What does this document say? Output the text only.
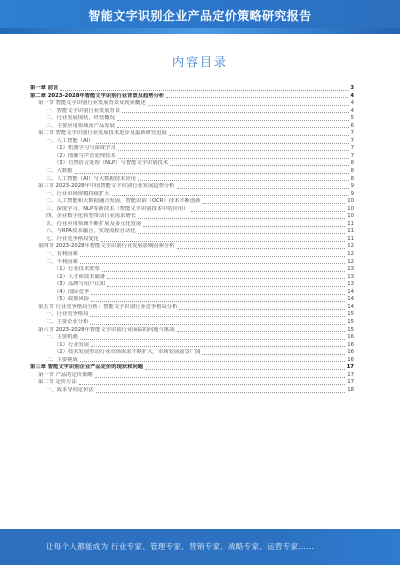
智能文字识别企业产品定价策略研究报告
内容目录
第一章 前言	3
第二章 2023-2028年智能文字识别行业背景及趋势分析	4
第一节 智能文字识别行业发展背景及现状概述	4
一、智能文字识别行业发展背景	4
二、行业发展现状、经营概况	5
三、主要应用领域及产品发展	6
第二节 智能文字识别行业发展技术进步及最新研究进展	7
一、人工智能（AI）	7
（1）机器学习与深度学习	7
（2）图像与声音处理技术	7
（3）自然语言处理（NLP）与智能文字识别技术	8
二、大数据	8
三、人工智能（AI）与大数据技术应用	8
第三节 2023-2028年中国智能文字识别行业发展趋势分析	9
一、行业市场规模持续扩大	9
二、人工智能和大数据融合发展，智能识别（OCR）技术不断创新	10
三、深度学习、NLP等新技术（智能文字识别技术中的应用）	10
四、企业数字化转型带动行业需求增长	10
五、行业应用领域不断扩展及多元化发展	11
六、与RPA技术融合，实现流程自动化	11
七、行业竞争格局变化	11
第四节 2023-2028年智能文字识别行业发展影响因素分析	12
一、有利因素	12
二、不利因素	12
（1）行业技术壁垒	13
（2）人才和技术储备	13
（3）品牌与用户认知	13
（4）国际竞争	14
（5）政策风险	14
第五节 行业竞争格局分析：智能文字识别行业竞争格局分析	14
一、行业竞争格局	15
二、主要企业分析	15
第六节 2023-2028年智能文字识别行业面临的问题与挑战	15
一、主要机遇	16
（1）行业发展	16
（2）技术发展带动行业市场需求不断扩大，市场发展前景广阔	16
二、主要挑战	16
第三章 智能文字识别企业产品定价的现状和问题	17
第一节 产品的定价策略	17
第二节 定价方法	17
一、成本导向定价法	18
让每个人都能成为 行业专家、管理专家、营销专家、战略专家、运营专家……
